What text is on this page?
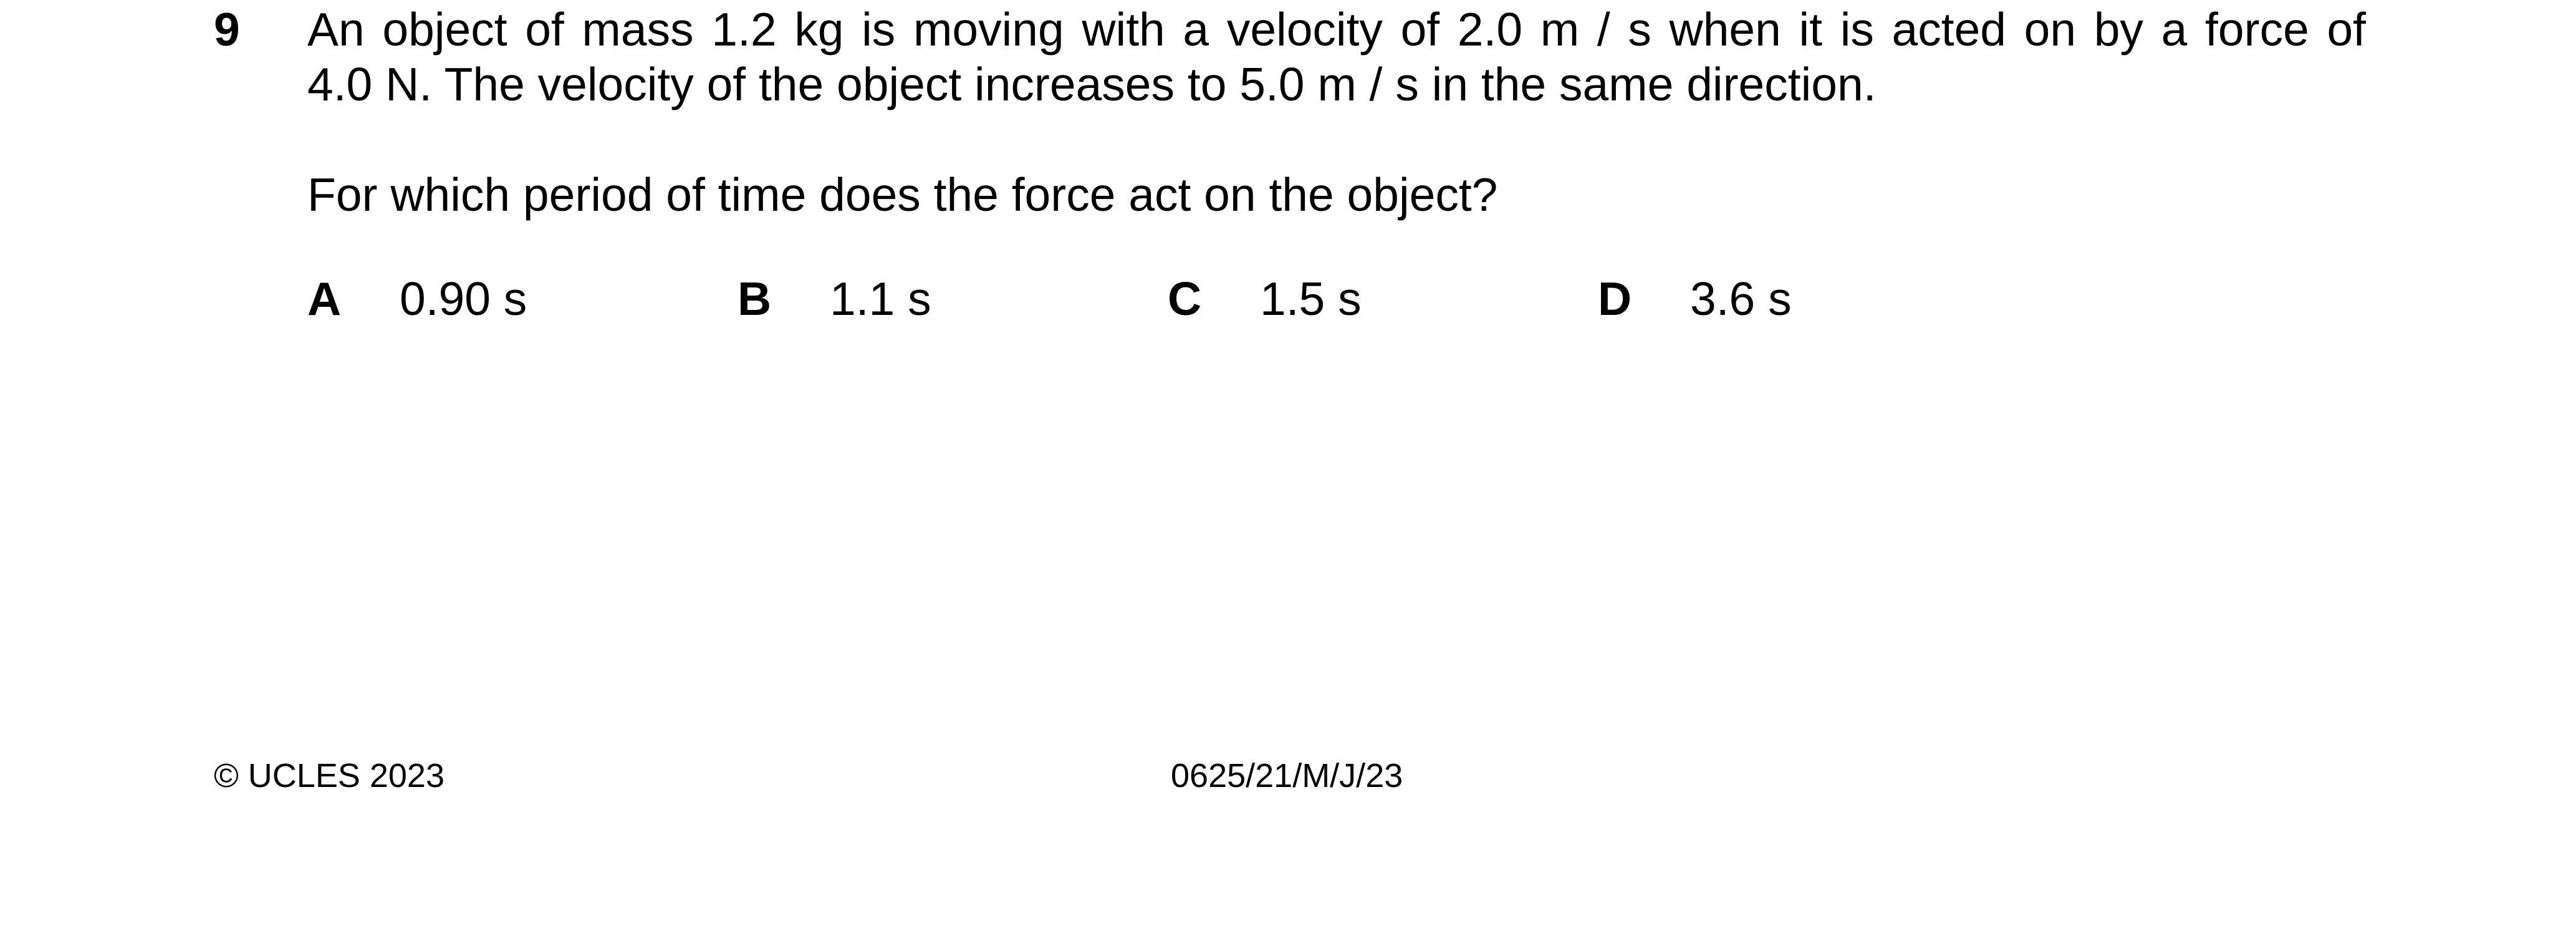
9 An object of mass 1.2 kg is moving with a velocity of 2.0 m / s when it is acted on by a force of
4.0 N. The velocity of the object increases to 5.0 m / s in the same direction.
For which period of time does the force act on the object?
A 0.90 s	B 1.1 s	C 1.5 s	D 3.6 s
© UCLES 2023	0625/21/M/J/23
